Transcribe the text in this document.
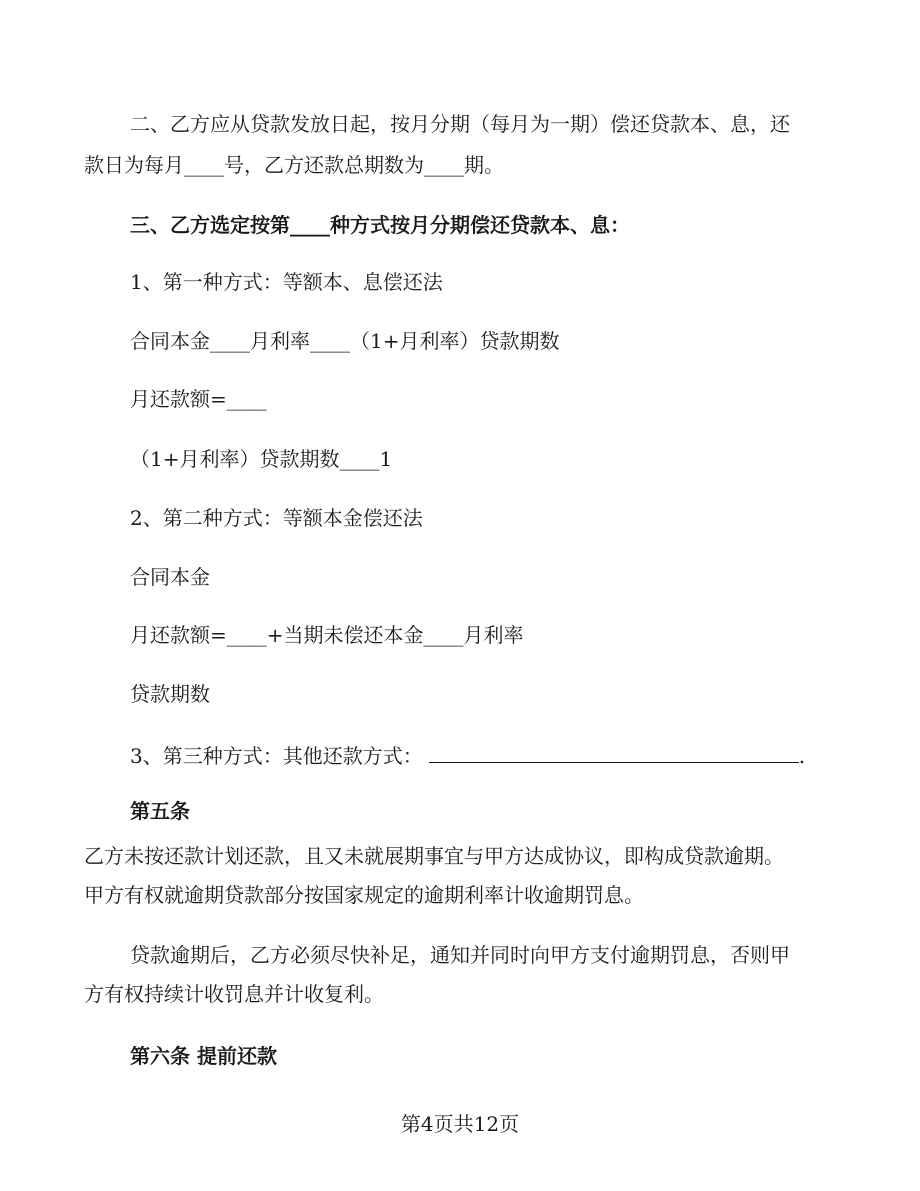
二、乙方应从贷款发放日起，按月分期（每月为一期）偿还贷款本、息，还
款日为每月____号，乙方还款总期数为____期。
三、乙方选定按第____种方式按月分期偿还贷款本、息：
1、第一种方式：等额本、息偿还法
合同本金____月利率____（1+月利率）贷款期数
月还款额=____
（1+月利率）贷款期数____1
2、第二种方式：等额本金偿还法
合同本金
月还款额=____+当期未偿还本金____月利率
贷款期数
3、第三种方式：其他还款方式：	.
第五条
乙方未按还款计划还款，且又未就展期事宜与甲方达成协议，即构成贷款逾期。
甲方有权就逾期贷款部分按国家规定的逾期利率计收逾期罚息。
贷款逾期后，乙方必须尽快补足，通知并同时向甲方支付逾期罚息，否则甲
方有权持续计收罚息并计收复利。
第六条 提前还款
第4页共12页
